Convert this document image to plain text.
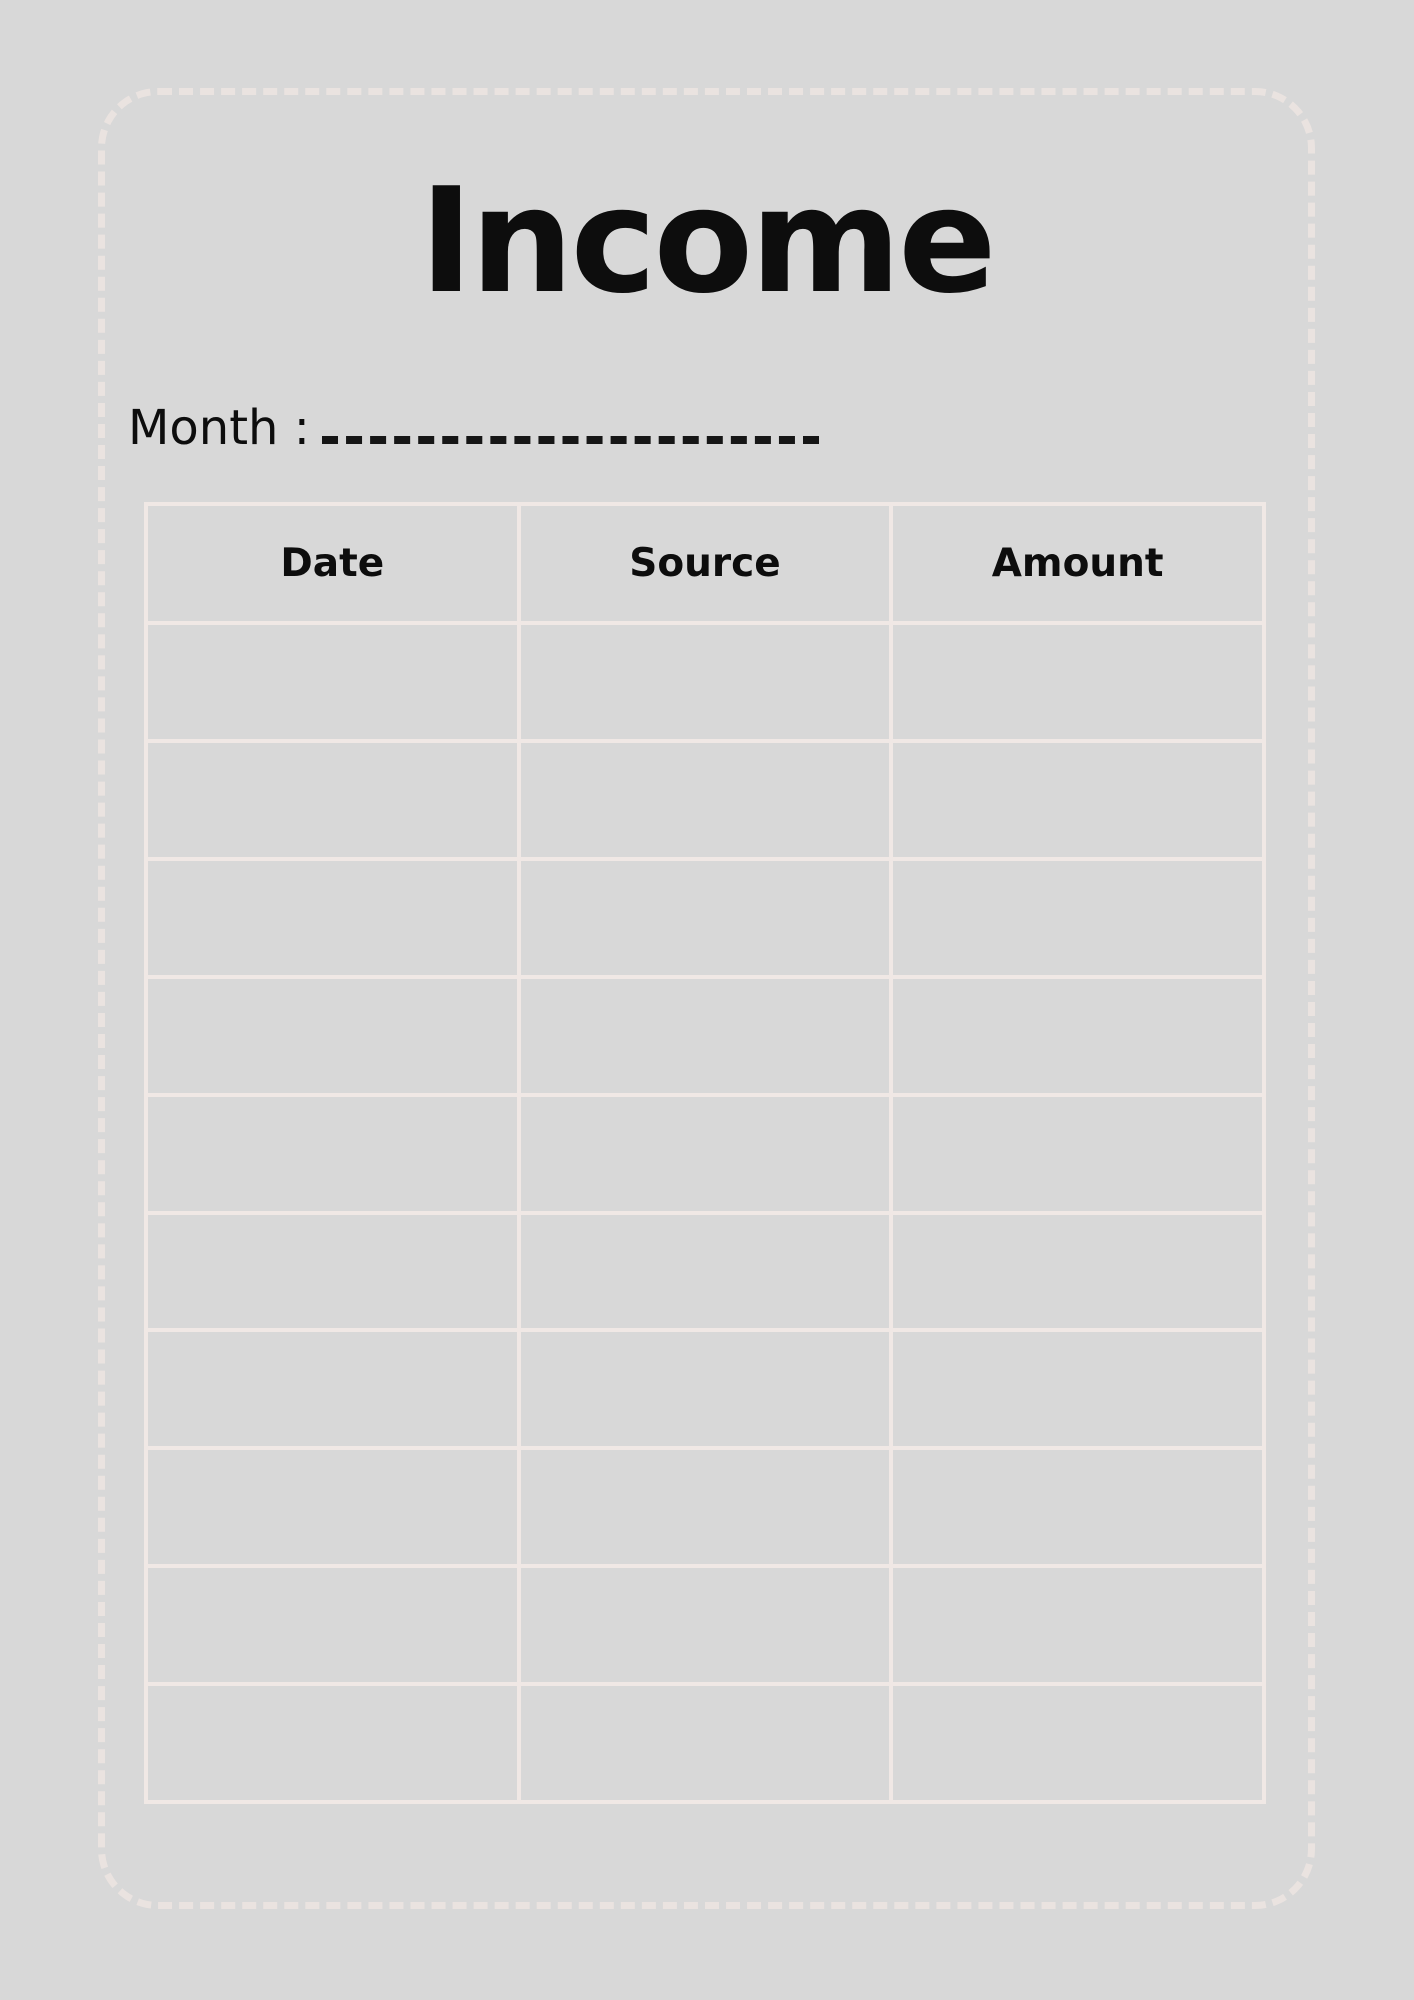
Income
Month :
Date	Source	Amount
